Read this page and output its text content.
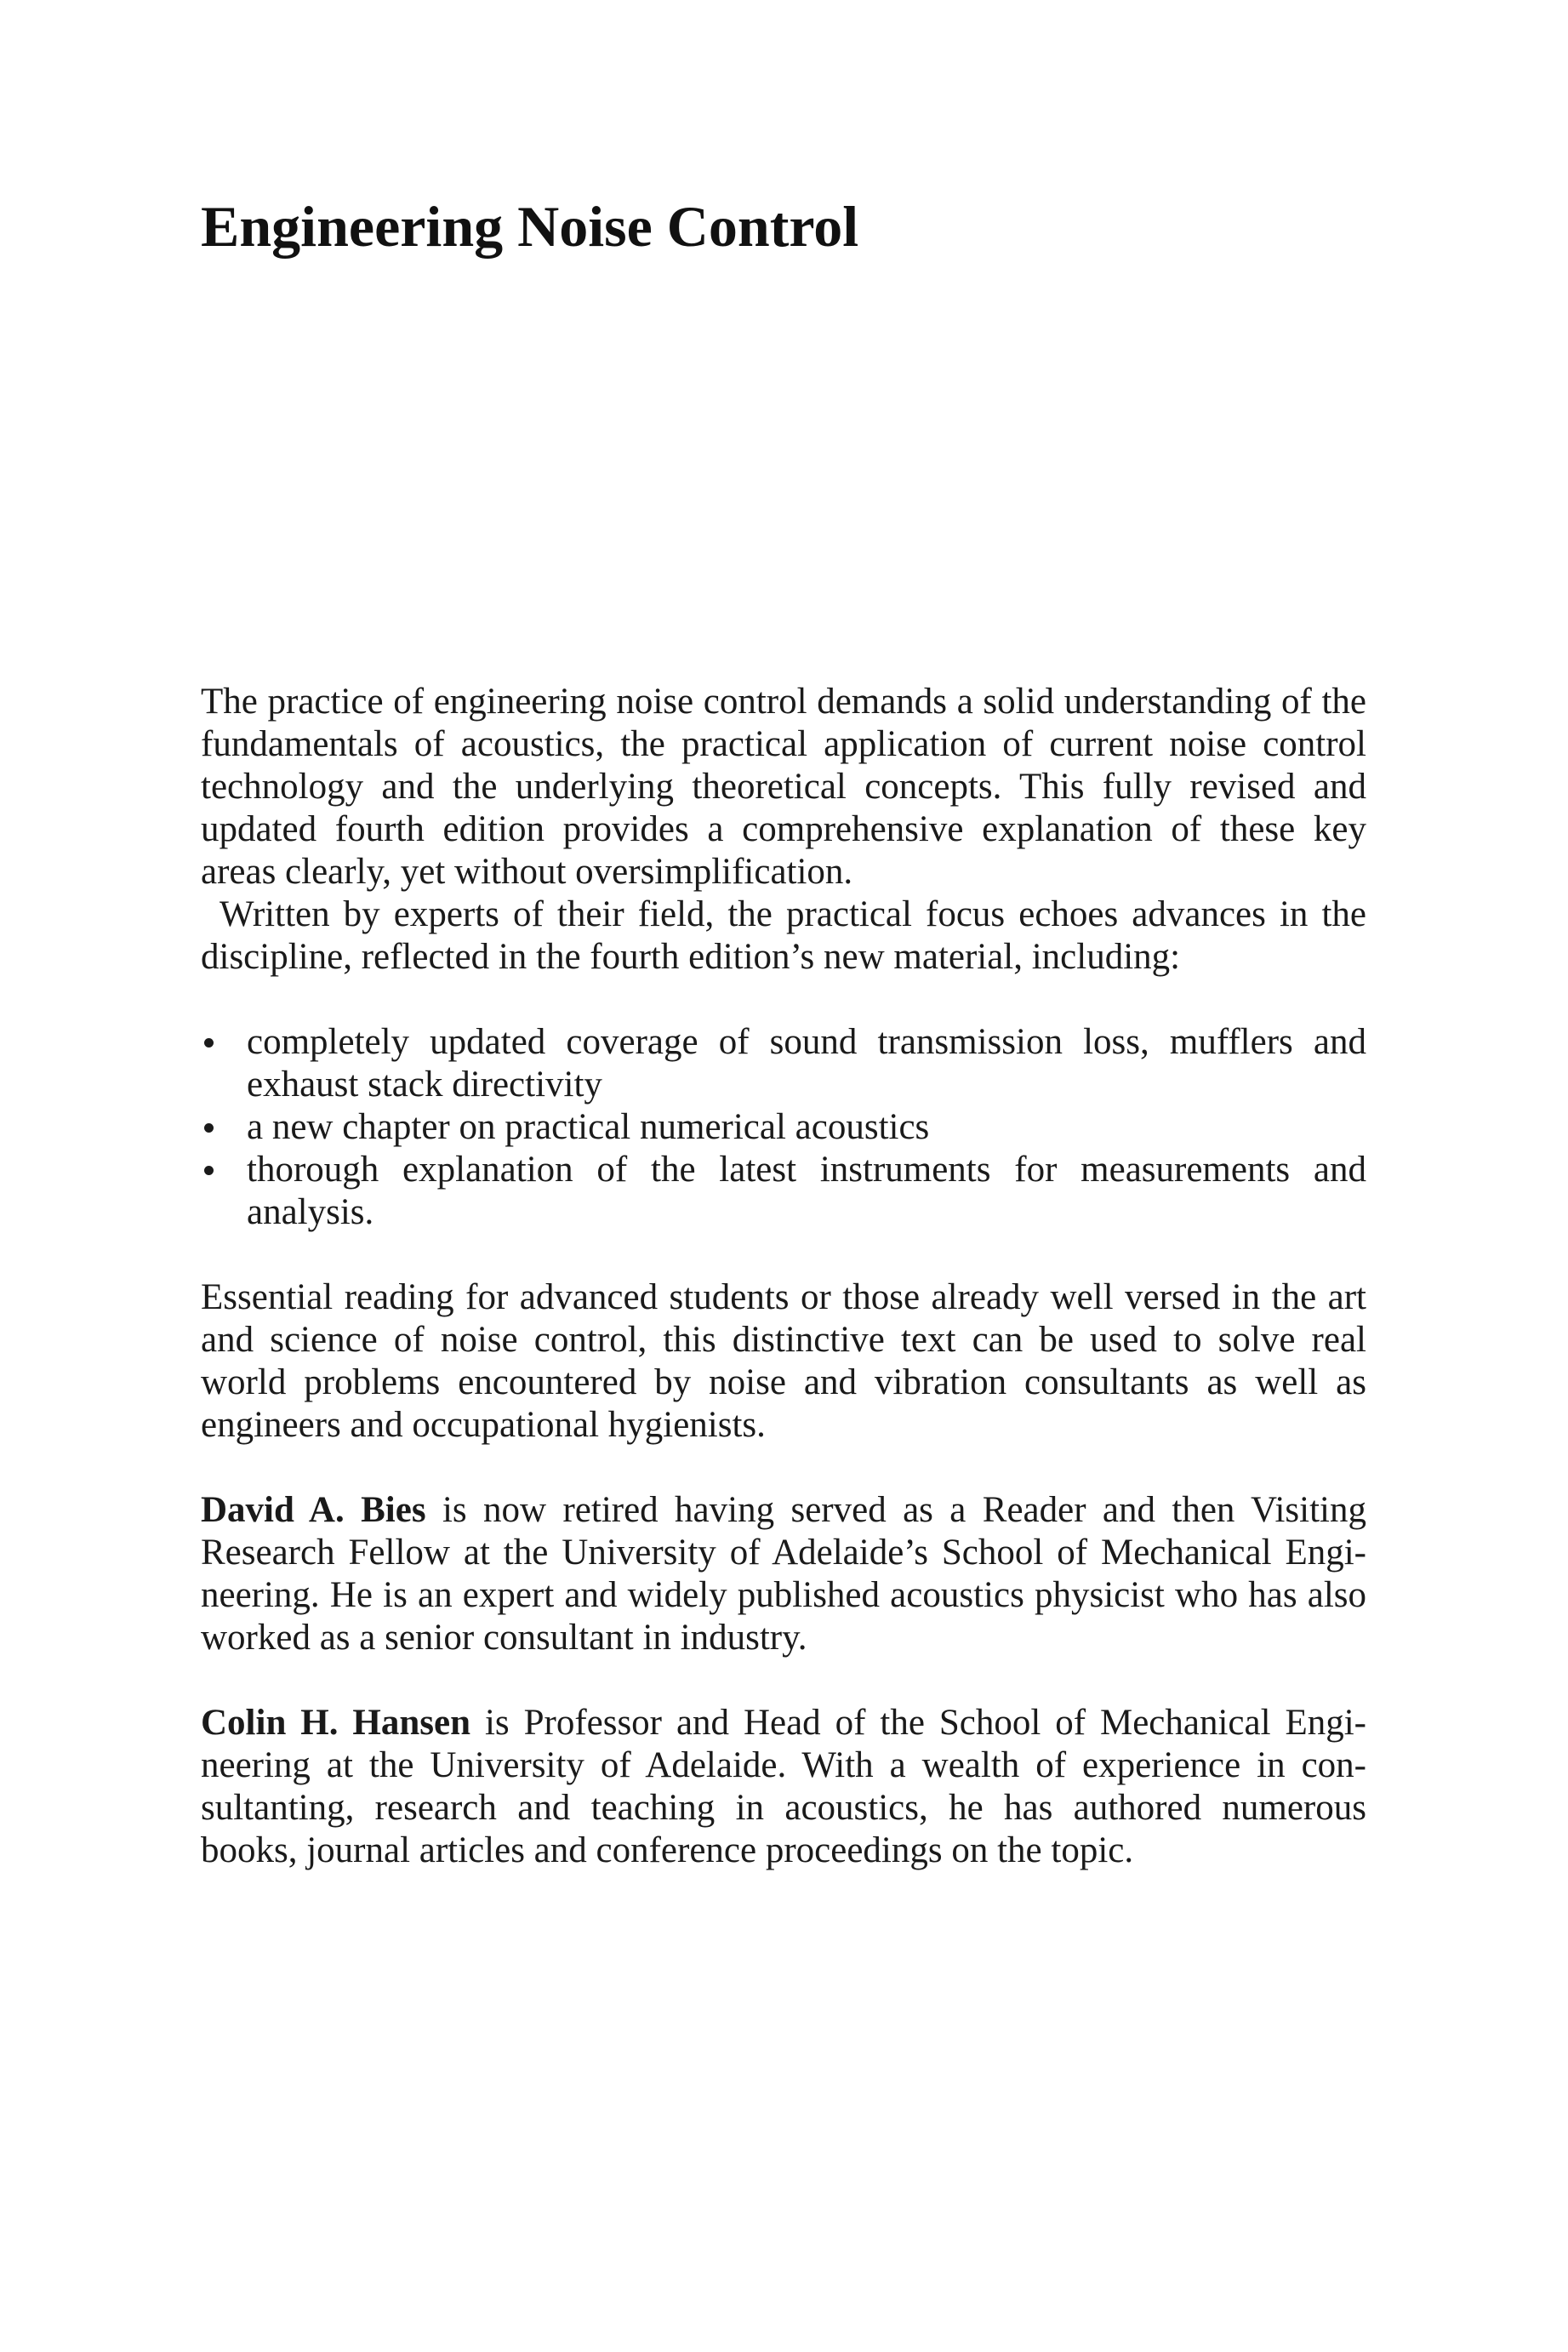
Engineering Noise Control

The practice of engineering noise control demands a solid understanding of the fundamentals of acoustics, the practical application of current noise control technology and the underlying theoretical concepts. This fully revised and updated fourth edition provides a comprehensive explanation of these key areas clearly, yet without oversimplification.

Written by experts of their field, the practical focus echoes advances in the discipline, reflected in the fourth edition’s new material, including:

completely updated coverage of sound transmission loss, mufflers and exhaust stack directivity
a new chapter on practical numerical acoustics
thorough explanation of the latest instruments for measurements and analysis.

Essential reading for advanced students or those already well versed in the art and science of noise control, this distinctive text can be used to solve real world problems encountered by noise and vibration consultants as well as engineers and occupational hygienists.

David A. Bies is now retired having served as a Reader and then Visiting Research Fellow at the University of Adelaide’s School of Mechanical Engineering. He is an expert and widely published acoustics physicist who has also worked as a senior consultant in industry.

Colin H. Hansen is Professor and Head of the School of Mechanical Engineering at the University of Adelaide. With a wealth of experience in consultanting, research and teaching in acoustics, he has authored numerous books, journal articles and conference proceedings on the topic.
